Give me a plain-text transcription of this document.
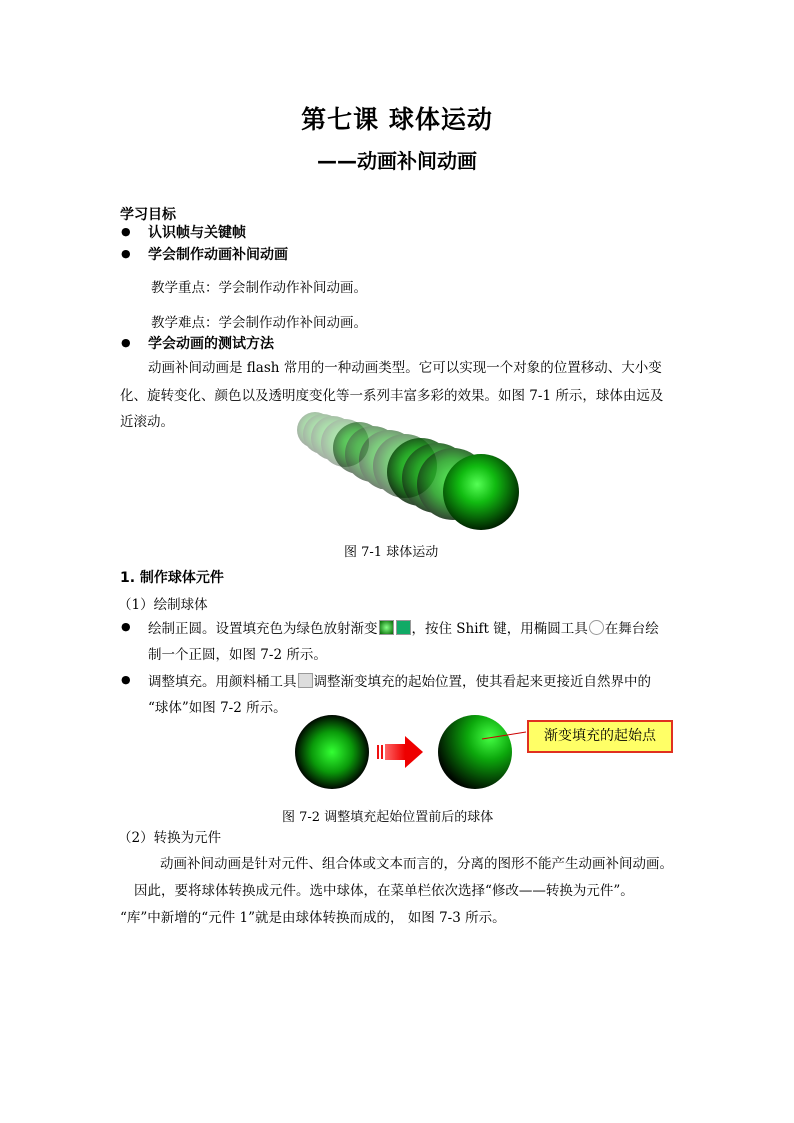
第七课 球体运动
——动画补间动画
学习目标
● 认识帧与关键帧
● 学会制作动画补间动画
教学重点：学会制作动作补间动画。
教学难点：学会制作动作补间动画。
● 学会动画的测试方法
动画补间动画是 flash 常用的一种动画类型。它可以实现一个对象的位置移动、大小变
化、旋转变化、颜色以及透明度变化等一系列丰富多彩的效果。如图 7-1 所示，球体由远及
近滚动。
图 7-1 球体运动
1. 制作球体元件
（1）绘制球体
● 绘制正圆。设置填充色为绿色放射渐变	，按住 Shift 键，用椭圆工具 在舞台绘
制一个正圆，如图 7-2 所示。
● 调整填充。用颜料桶工具 调整渐变填充的起始位置，使其看起来更接近自然界中的
“球体”如图 7-2 所示。
渐变填充的起始点
图 7-2 调整填充起始位置前后的球体
（2）转换为元件
动画补间动画是针对元件、组合体或文本而言的，分离的图形不能产生动画补间动画。
因此，要将球体转换成元件。选中球体，在菜单栏依次选择“修改——转换为元件”。
“库”中新增的“元件 1”就是由球体转换而成的， 如图 7-3 所示。
